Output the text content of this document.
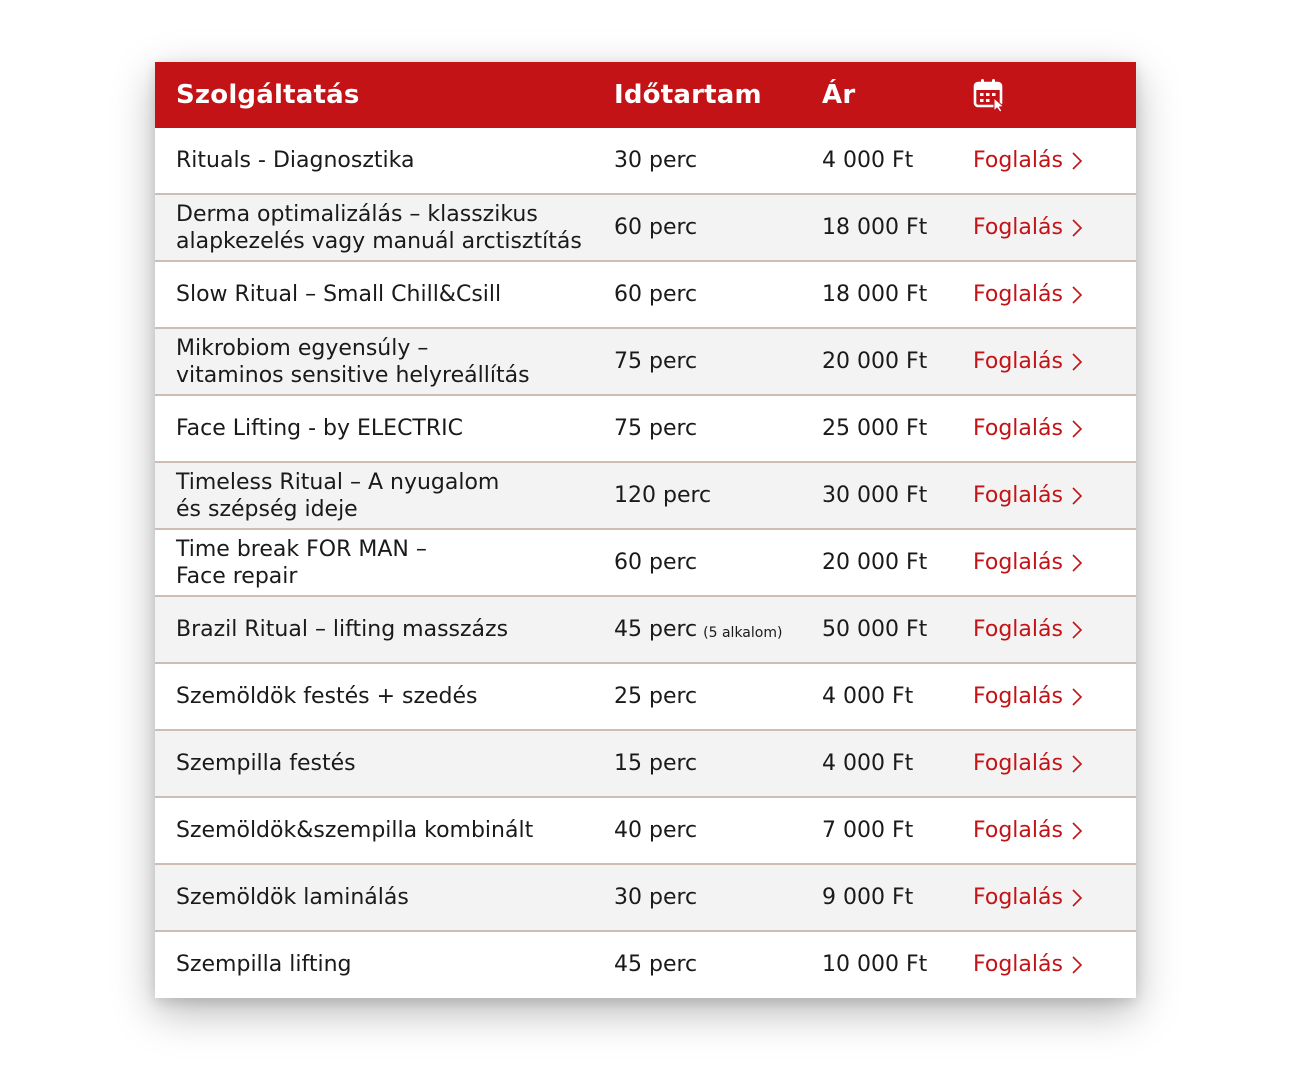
Szolgáltatás	Időtartam Ár
Rituals - Diagnosztika	30 perc	4 000 Ft	Foglalás
Derma optimalizálás – klasszikus
alapkezelés vagy manuál arctisztítás
60 perc	18 000 Ft Foglalás
Slow Ritual – Small Chill&Csill	60 perc	18 000 Ft Foglalás
Mikrobiom egyensúly –
vitaminos sensitive helyreállítás
75 perc	20 000 Ft Foglalás
Face Lifting - by ELECTRIC	75 perc	25 000 Ft Foglalás
Timeless Ritual – A nyugalom
és szépség ideje
120 perc	30 000 Ft Foglalás
Time break FOR MAN –
Face repair
60 perc	20 000 Ft Foglalás
Brazil Ritual – lifting masszázs	45 perc (5 alkalom) 50 000 Ft Foglalás
Szemöldök festés + szedés	25 perc	4 000 Ft	Foglalás
Szempilla festés	15 perc	4 000 Ft	Foglalás
Szemöldök&szempilla kombinált	40 perc	7 000 Ft	Foglalás
Szemöldök laminálás	30 perc	9 000 Ft	Foglalás
Szempilla lifting	45 perc	10 000 Ft Foglalás
